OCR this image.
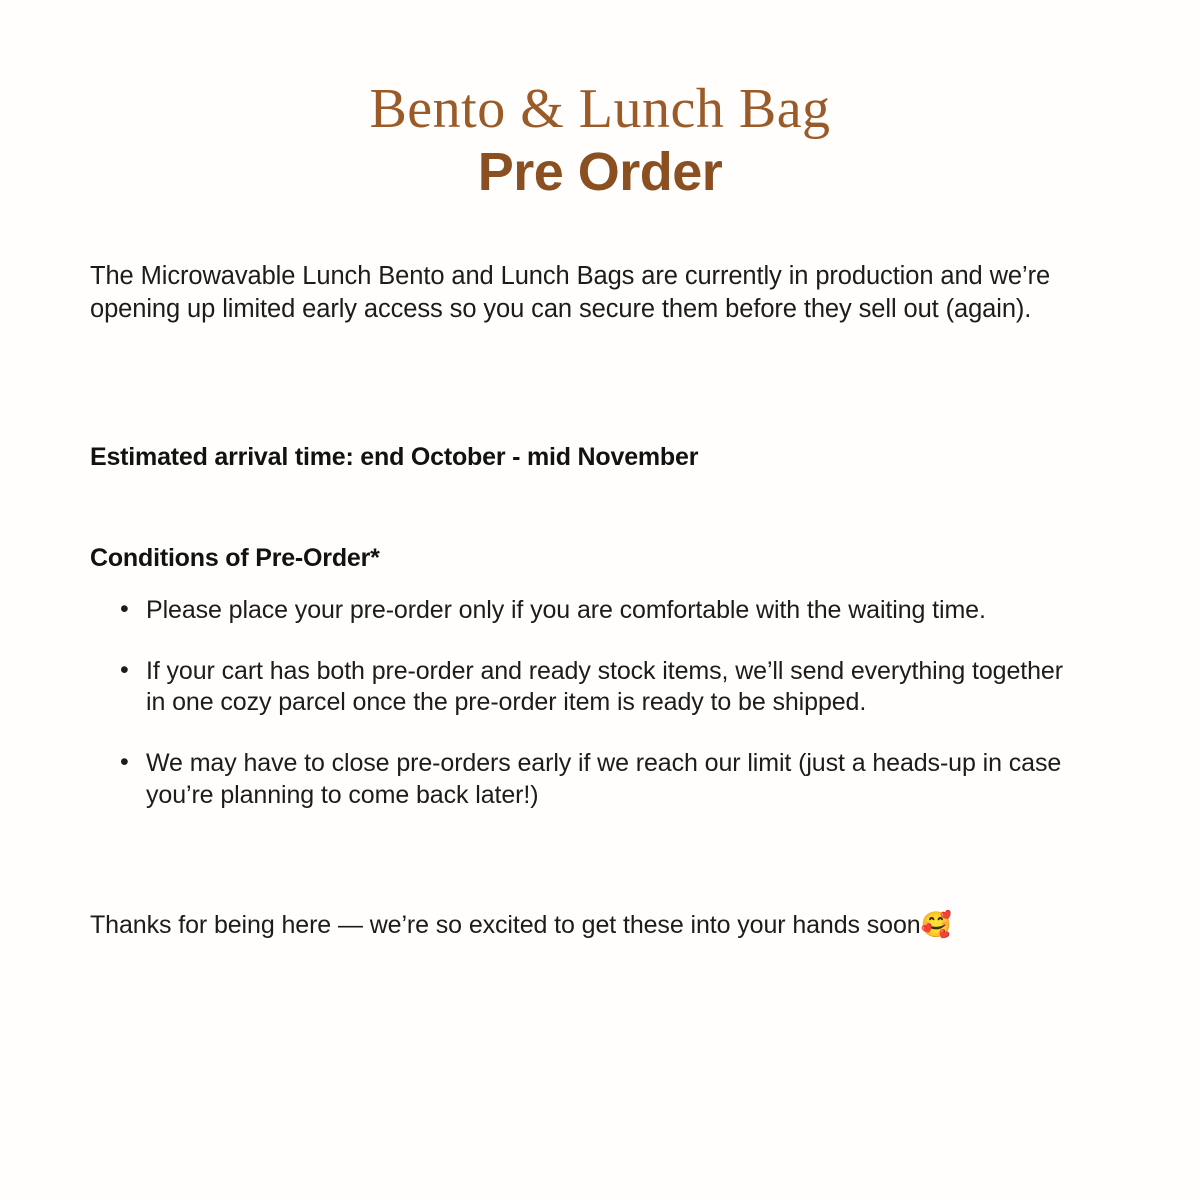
Bento & Lunch Bag
Pre Order

The Microwavable Lunch Bento and Lunch Bags are currently in production and we’re opening up limited early access so you can secure them before they sell out (again).

Estimated arrival time: end October - mid November
Conditions of Pre-Order*
• Please place your pre-order only if you are comfortable with the waiting time.
• If your cart has both pre-order and ready stock items, we’ll send everything together in one cozy parcel once the pre-order item is ready to be shipped.
• We may have to close pre-orders early if we reach our limit (just a heads-up in case you’re planning to come back later!)

Thanks for being here — we’re so excited to get these into your hands soon🥰
